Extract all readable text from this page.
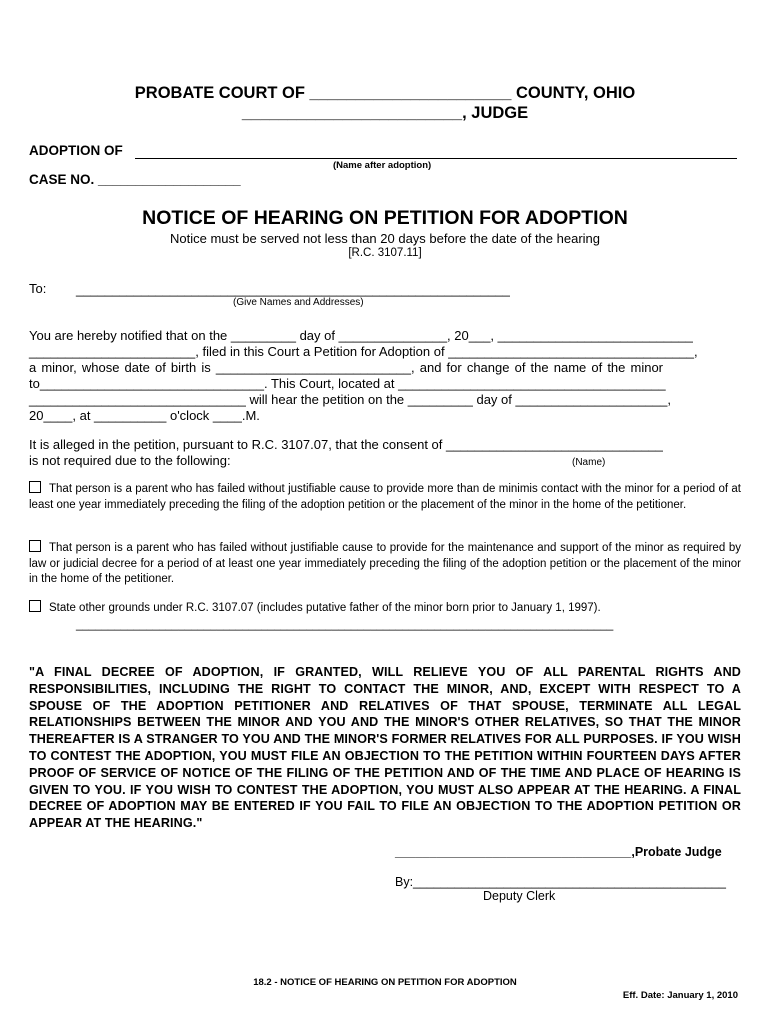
PROBATE COURT OF ______________________ COUNTY, OHIO
________________________, JUDGE
ADOPTION OF
(Name after adoption)
CASE NO. ___________________
NOTICE OF HEARING ON PETITION FOR ADOPTION
Notice must be served not less than 20 days before the date of the hearing
[R.C. 3107.11]
To: ____________________________________________________________
(Give Names and Addresses)
You are hereby notified that on the _________ day of _______________, 20___, ___________________________
_______________________, filed in this Court a Petition for Adoption of __________________________________,
a minor, whose date of birth is ___________________________, and for change of the name of the minor
to_______________________________. This Court, located at _____________________________________
______________________________ will hear the petition on the _________ day of _____________________,
20____, at __________ o'clock ____.M.
It is alleged in the petition, pursuant to R.C. 3107.07, that the consent of ______________________________
is not required due to the following:	(Name)
That person is a parent who has failed without justifiable cause to provide more than de minimis contact with the minor for a period of at least one year immediately preceding the filing of the adoption petition or the placement of the minor in the home of the petitioner.
That person is a parent who has failed without justifiable cause to provide for the maintenance and support of the minor as required by law or judicial decree for a period of at least one year immediately preceding the filing of the adoption petition or the placement of the minor in the home of the petitioner.
State other grounds under R.C. 3107.07 (includes putative father of the minor born prior to January 1, 1997).
____________________________________________________________________________________
"A FINAL DECREE OF ADOPTION, IF GRANTED, WILL RELIEVE YOU OF ALL PARENTAL RIGHTS AND RESPONSIBILITIES, INCLUDING THE RIGHT TO CONTACT THE MINOR, AND, EXCEPT WITH RESPECT TO A SPOUSE OF THE ADOPTION PETITIONER AND RELATIVES OF THAT SPOUSE, TERMINATE ALL LEGAL RELATIONSHIPS BETWEEN THE MINOR AND YOU AND THE MINOR'S OTHER RELATIVES, SO THAT THE MINOR THEREAFTER IS A STRANGER TO YOU AND THE MINOR'S FORMER RELATIVES FOR ALL PURPOSES. IF YOU WISH TO CONTEST THE ADOPTION, YOU MUST FILE AN OBJECTION TO THE PETITION WITHIN FOURTEEN DAYS AFTER PROOF OF SERVICE OF NOTICE OF THE FILING OF THE PETITION AND OF THE TIME AND PLACE OF HEARING IS GIVEN TO YOU. IF YOU WISH TO CONTEST THE ADOPTION, YOU MUST ALSO APPEAR AT THE HEARING. A FINAL DECREE OF ADOPTION MAY BE ENTERED IF YOU FAIL TO FILE AN OBJECTION TO THE ADOPTION PETITION OR APPEAR AT THE HEARING."
__________________________________,Probate Judge
By:_____________________________________________
Deputy Clerk
18.2 - NOTICE OF HEARING ON PETITION FOR ADOPTION
Eff. Date: January 1, 2010
